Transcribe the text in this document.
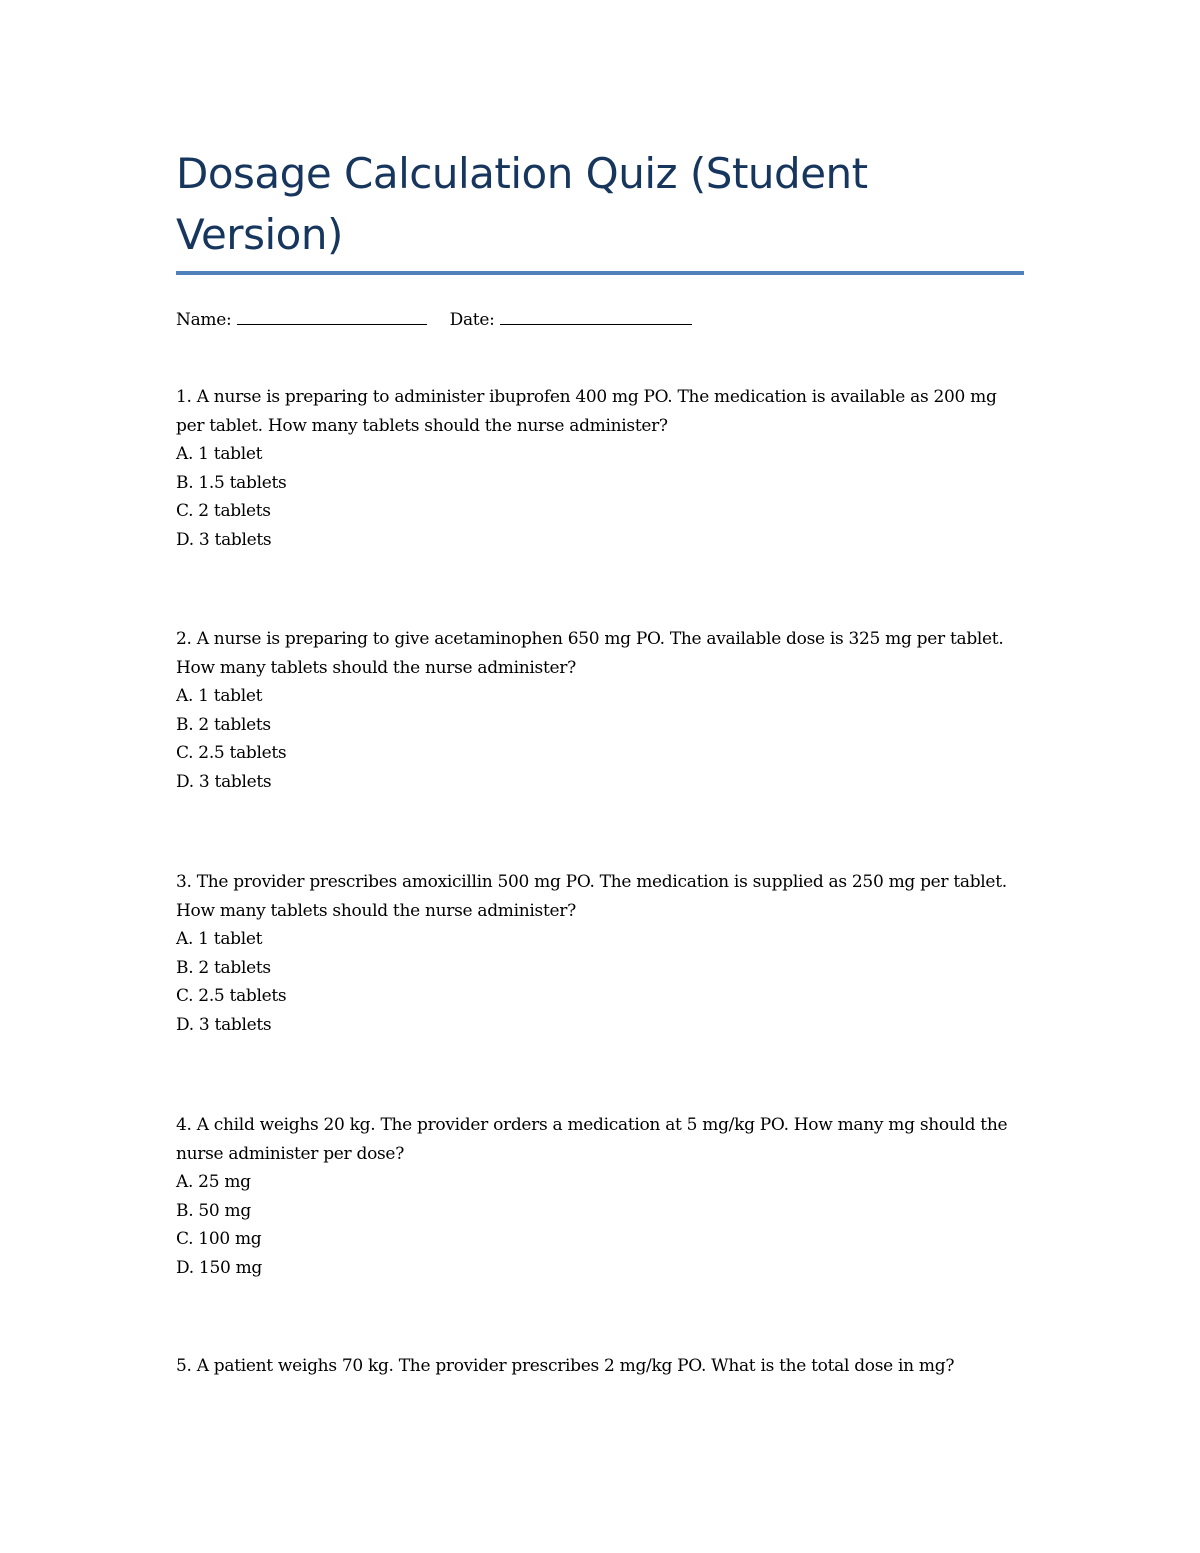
Dosage Calculation Quiz (Student Version)
Name:	Date:

1. A nurse is preparing to administer ibuprofen 400 mg PO. The medication is available as 200 mg per tablet. How many tablets should the nurse administer?

A. 1 tablet
B. 1.5 tablets
C. 2 tablets
D. 3 tablets

2. A nurse is preparing to give acetaminophen 650 mg PO. The available dose is 325 mg per tablet. How many tablets should the nurse administer?

A. 1 tablet
B. 2 tablets
C. 2.5 tablets
D. 3 tablets

3. The provider prescribes amoxicillin 500 mg PO. The medication is supplied as 250 mg per tablet. How many tablets should the nurse administer?

A. 1 tablet
B. 2 tablets
C. 2.5 tablets
D. 3 tablets

4. A child weighs 20 kg. The provider orders a medication at 5 mg/kg PO. How many mg should the nurse administer per dose?

A. 25 mg
B. 50 mg
C. 100 mg
D. 150 mg

5. A patient weighs 70 kg. The provider prescribes 2 mg/kg PO. What is the total dose in mg?
